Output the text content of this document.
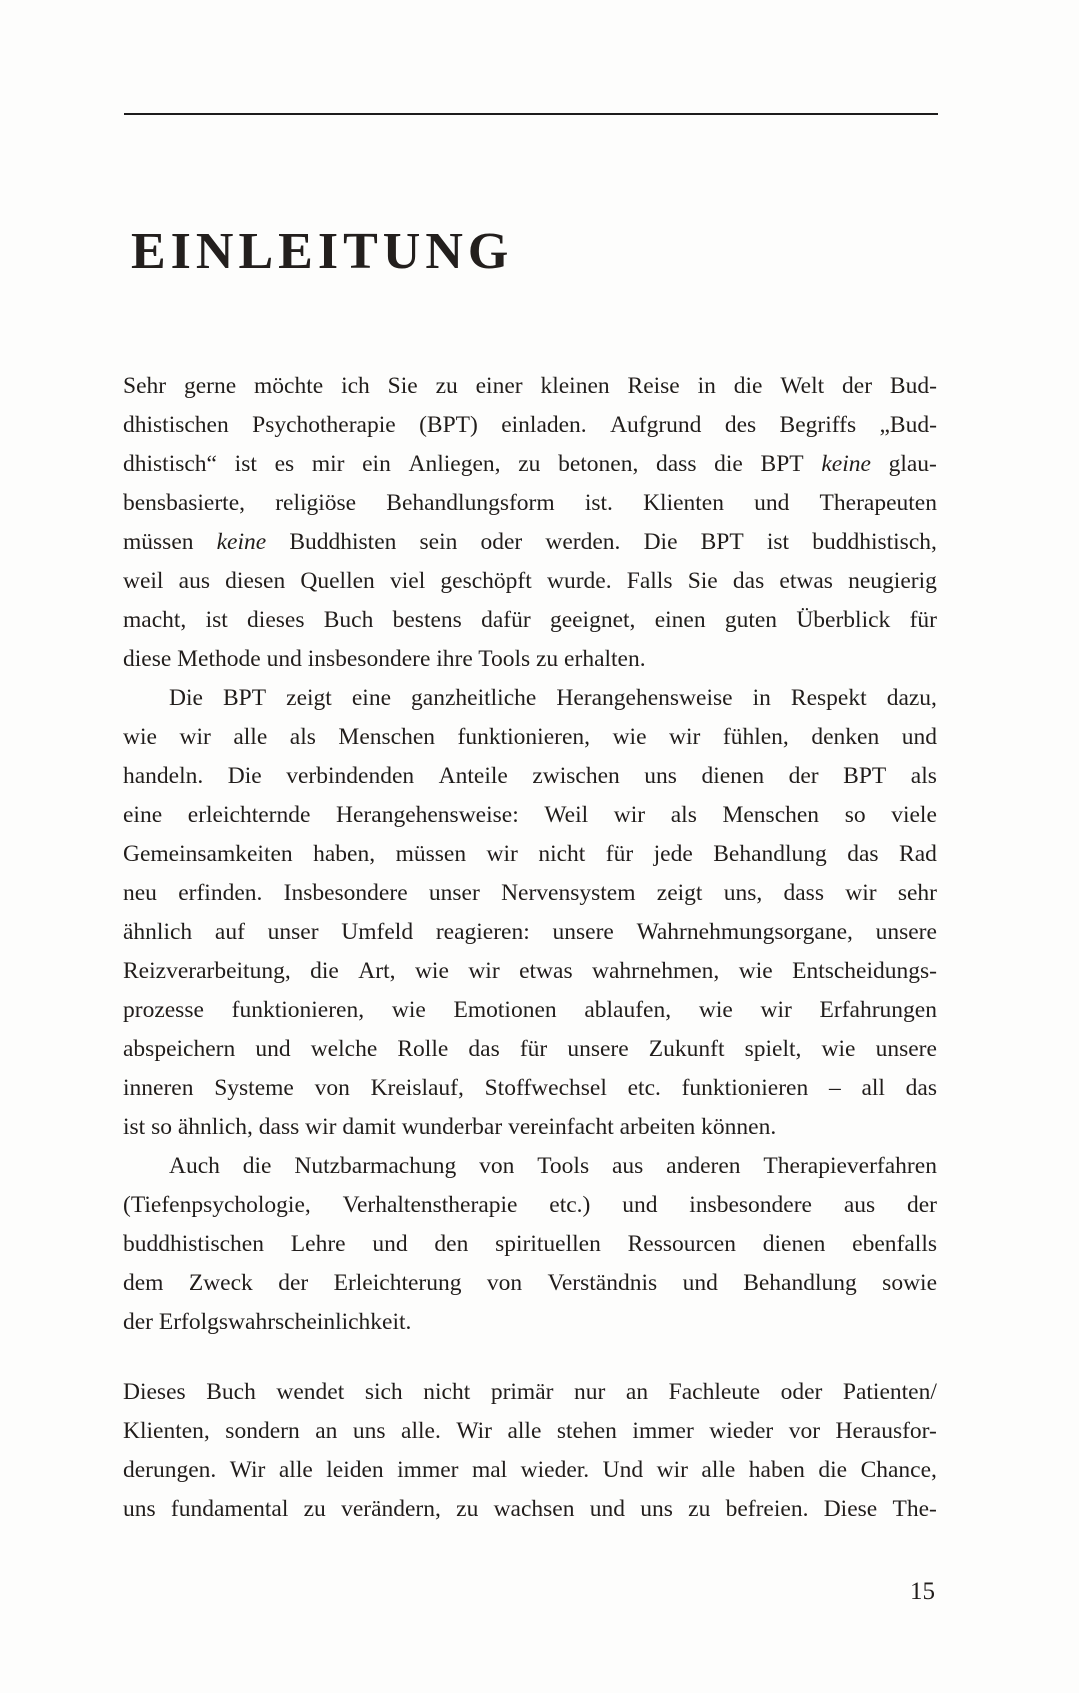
EINLEITUNG
Sehr gerne möchte ich Sie zu einer kleinen Reise in die Welt der Bud-
dhistischen Psychotherapie (BPT) einladen. Aufgrund des Begriffs „Bud-
dhistisch“ ist es mir ein Anliegen, zu betonen, dass die BPT keine glau-
bensbasierte, religiöse Behandlungsform ist. Klienten und Therapeuten
müssen keine Buddhisten sein oder werden. Die BPT ist buddhistisch,
weil aus diesen Quellen viel geschöpft wurde. Falls Sie das etwas neugierig
macht, ist dieses Buch bestens dafür geeignet, einen guten Überblick für
diese Methode und insbesondere ihre Tools zu erhalten.
Die BPT zeigt eine ganzheitliche Herangehensweise in Respekt dazu,
wie wir alle als Menschen funktionieren, wie wir fühlen, denken und
handeln. Die verbindenden Anteile zwischen uns dienen der BPT als
eine erleichternde Herangehensweise: Weil wir als Menschen so viele
Gemeinsamkeiten haben, müssen wir nicht für jede Behandlung das Rad
neu erfinden. Insbesondere unser Nervensystem zeigt uns, dass wir sehr
ähnlich auf unser Umfeld reagieren: unsere Wahrnehmungsorgane, unsere
Reizverarbeitung, die Art, wie wir etwas wahrnehmen, wie Entscheidungs-
prozesse funktionieren, wie Emotionen ablaufen, wie wir Erfahrungen
abspeichern und welche Rolle das für unsere Zukunft spielt, wie unsere
inneren Systeme von Kreislauf, Stoffwechsel etc. funktionieren – all das
ist so ähnlich, dass wir damit wunderbar vereinfacht arbeiten können.
Auch die Nutzbarmachung von Tools aus anderen Therapieverfahren
(Tiefenpsychologie, Verhaltenstherapie etc.) und insbesondere aus der
buddhistischen Lehre und den spirituellen Ressourcen dienen ebenfalls
dem Zweck der Erleichterung von Verständnis und Behandlung sowie
der Erfolgswahrscheinlichkeit.
Dieses Buch wendet sich nicht primär nur an Fachleute oder Patienten/
Klienten, sondern an uns alle. Wir alle stehen immer wieder vor Herausfor-
derungen. Wir alle leiden immer mal wieder. Und wir alle haben die Chance,
uns fundamental zu verändern, zu wachsen und uns zu befreien. Diese The-
15
